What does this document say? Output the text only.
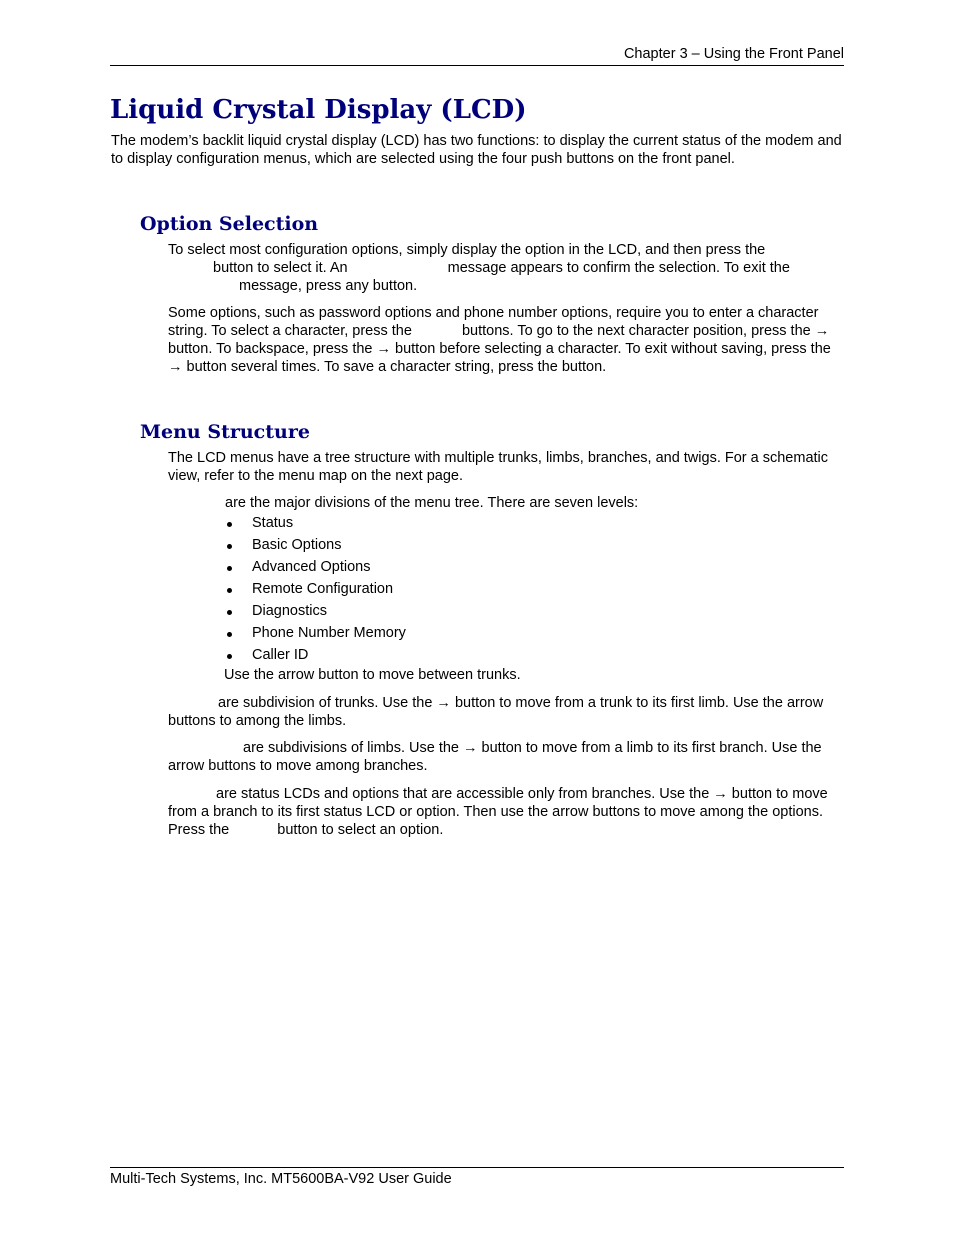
Chapter 3 – Using the Front Panel
Liquid Crystal Display (LCD)

The modem’s backlit liquid crystal display (LCD) has two functions: to display the current status of the modem and to display configuration menus, which are selected using the four push buttons on the front panel.

Option Selection

To select most configuration options, simply display the option in the LCD, and then press the
button to select it. An	message appears to confirm the selection. To exit the
message, press any button.

Some options, such as password options and phone number options, require you to enter a character string. To select a character, press the	buttons. To go to the next character position, press the → button. To backspace, press the → button before selecting a character. To exit without saving, press the → button several times. To save a character string, press the button.

Menu Structure

The LCD menus have a tree structure with multiple trunks, limbs, branches, and twigs. For a schematic view, refer to the menu map on the next page.

are the major divisions of the menu tree. There are seven levels:

Status
Basic Options
Advanced Options
Remote Configuration
Diagnostics
Phone Number Memory
Caller ID

Use the arrow button to move between trunks.

are subdivision of trunks. Use the → button to move from a trunk to its first limb. Use the arrow buttons to among the limbs.

are subdivisions of limbs. Use the → button to move from a limb to its first branch. Use the arrow buttons to move among branches.

are status LCDs and options that are accessible only from branches. Use the → button to move from a branch to its first status LCD or option. Then use the arrow buttons to move among the options. Press the	button to select an option.

Multi-Tech Systems, Inc. MT5600BA-V92 User Guide
